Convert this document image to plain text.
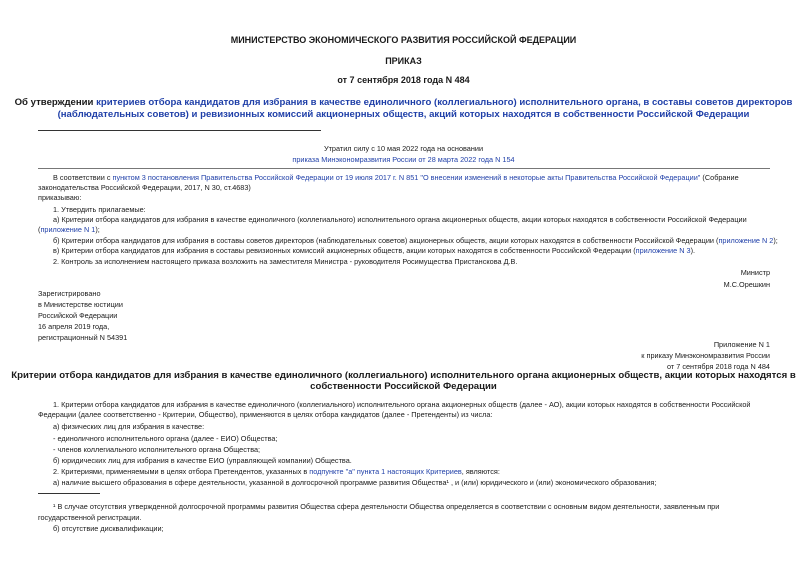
МИНИСТЕРСТВО ЭКОНОМИЧЕСКОГО РАЗВИТИЯ РОССИЙСКОЙ ФЕДЕРАЦИИ
ПРИКАЗ
от 7 сентября 2018 года N 484
Об утверждении критериев отбора кандидатов для избрания в качестве единоличного (коллегиального) исполнительного органа, в составы советов директоров
(наблюдательных советов) и ревизионных комиссий акционерных обществ, акций которых находятся в собственности Российской Федерации
Утратил силу с 10 мая 2022 года на основании
приказа Минэкономразвития России от 28 марта 2022 года N 154
В соответствии с пунктом 3 постановления Правительства Российской Федерации от 19 июля 2017 г. N 851 "О внесении изменений в некоторые акты Правительства Российской Федерации" (Собрание
законодательства Российской Федерации, 2017, N 30, ст.4683)
приказываю:
1. Утвердить прилагаемые:
а) Критерии отбора кандидатов для избрания в качестве единоличного (коллегиального) исполнительного органа акционерных обществ, акции которых находятся в собственности Российской Федерации
(приложение N 1);
б) Критерии отбора кандидатов для избрания в составы советов директоров (наблюдательных советов) акционерных обществ, акции которых находятся в собственности Российской Федерации (приложение N 2);
в) Критерии отбора кандидатов для избрания в составы ревизионных комиссий акционерных обществ, акции которых находятся в собственности Российской Федерации (приложение N 3).
2. Контроль за исполнением настоящего приказа возложить на заместителя Министра - руководителя Росимущества Пристанскова Д.В.
Министр
М.С.Орешкин
Зарегистрировано
в Министерстве юстиции
Российской Федерации
16 апреля 2019 года,
регистрационный N 54391
Приложение N 1
к приказу Минэкономразвития России
от 7 сентября 2018 года N 484
Критерии отбора кандидатов для избрания в качестве единоличного (коллегиального) исполнительного органа акционерных обществ, акции которых находятся в
собственности Российской Федерации
1. Критерии отбора кандидатов для избрания в качестве единоличного (коллегиального) исполнительного органа акционерных обществ (далее - АО), акции которых находятся в собственности Российской
Федерации (далее соответственно - Критерии, Общество), применяются в целях отбора кандидатов (далее - Претенденты) из числа:
а) физических лиц для избрания в качестве:
- единоличного исполнительного органа (далее - ЕИО) Общества;
- членов коллегиального исполнительного органа Общества;
б) юридических лиц для избрания в качестве ЕИО (управляющей компании) Общества.
2. Критериями, применяемыми в целях отбора Претендентов, указанных в подпункте "а" пункта 1 настоящих Критериев, являются:
а) наличие высшего образования в сфере деятельности, указанной в долгосрочной программе развития Общества¹ , и (или) юридического и (или) экономического образования;
¹ В случае отсутствия утвержденной долгосрочной программы развития Общества сфера деятельности Общества определяется в соответствии с основным видом деятельности, заявленным при
государственной регистрации.
б) отсутствие дисквалификации;
